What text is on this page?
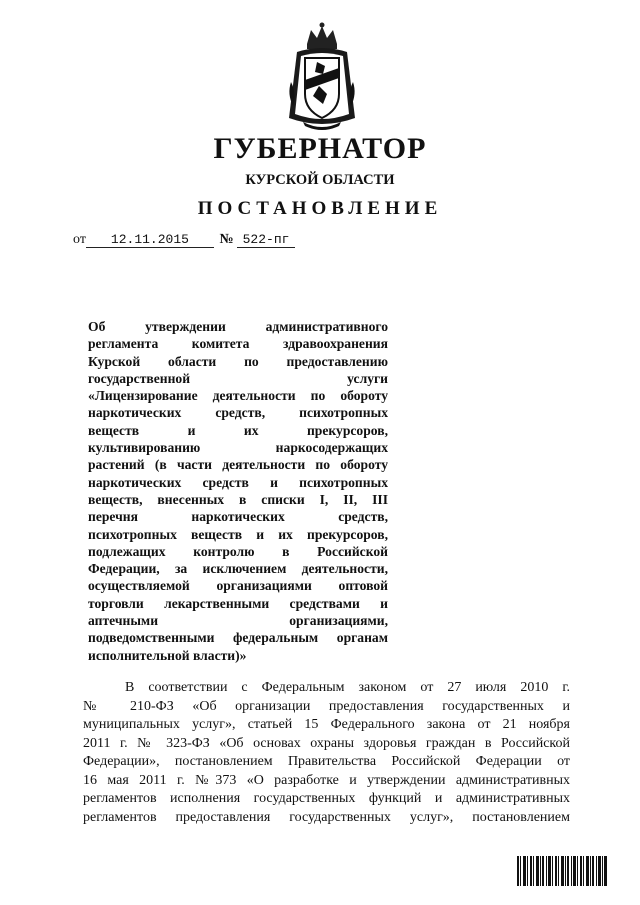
ГУБЕРНАТОР
КУРСКОЙ ОБЛАСТИ
ПОСТАНОВЛЕНИЕ
от 12.11.2015 № 522-пг
Об утверждении административного
регламента комитета здравоохранения
Курской области по предоставлению
государственной услуги
«Лицензирование деятельности по обороту
наркотических средств, психотропных
веществ и их прекурсоров,
культивированию наркосодержащих
растений (в части деятельности по обороту
наркотических средств и психотропных
веществ, внесенных в списки I, II, III
перечня наркотических средств,
психотропных веществ и их прекурсоров,
подлежащих контролю в Российской
Федерации, за исключением деятельности,
осуществляемой организациями оптовой
торговли лекарственными средствами и
аптечными организациями,
подведомственными федеральным органам
исполнительной власти)»
В соответствии с Федеральным законом от 27 июля 2010 г.
№ 210-ФЗ «Об организации предоставления государственных и
муниципальных услуг», статьей 15 Федерального закона от 21 ноября
2011 г. № 323-ФЗ «Об основах охраны здоровья граждан в Российской
Федерации», постановлением Правительства Российской Федерации от
16 мая 2011 г. №373 «О разработке и утверждении административных
регламентов исполнения государственных функций и административных
регламентов предоставления государственных услуг», постановлением
